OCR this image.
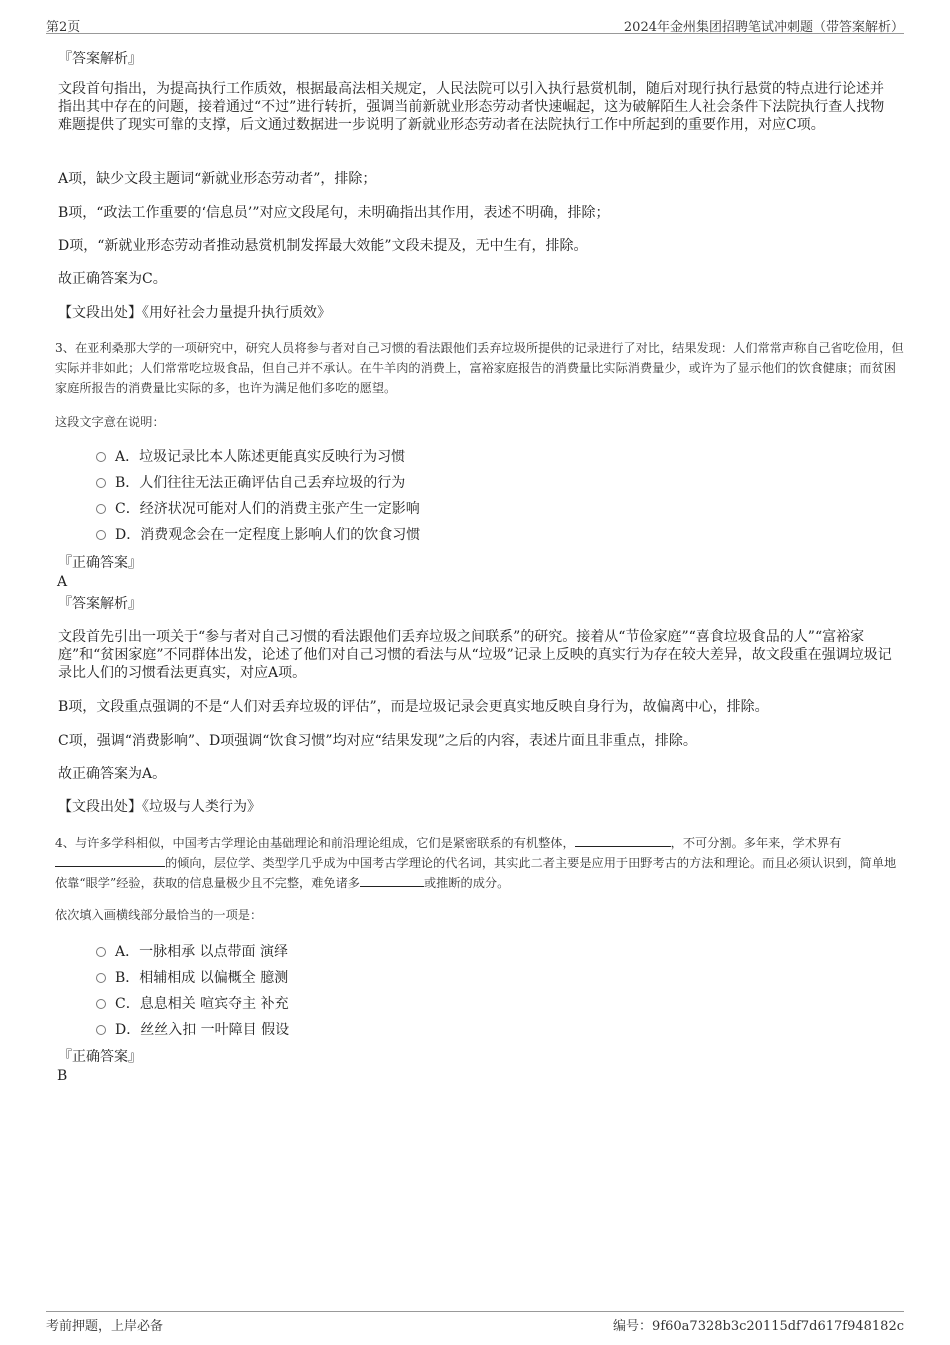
第2页	2024年金州集团招聘笔试冲刺题（带答案解析）
『答案解析』
文段首句指出，为提高执行工作质效，根据最高法相关规定，人民法院可以引入执行悬赏机制，随后对现行执行悬赏的特点进行论述并指出其中存在的问题，接着通过“不过”进行转折，强调当前新就业形态劳动者快速崛起，这为破解陌生人社会条件下法院执行查人找物难题提供了现实可靠的支撑，后文通过数据进一步说明了新就业形态劳动者在法院执行工作中所起到的重要作用，对应C项。
A项，缺少文段主题词“新就业形态劳动者”，排除；
B项，“政法工作重要的‘信息员’”对应文段尾句，未明确指出其作用，表述不明确，排除；
D项，“新就业形态劳动者推动悬赏机制发挥最大效能”文段未提及，无中生有，排除。
故正确答案为C。
【文段出处】《用好社会力量提升执行质效》
3、在亚利桑那大学的一项研究中，研究人员将参与者对自己习惯的看法跟他们丢弃垃圾所提供的记录进行了对比，结果发现：人们常常声称自己省吃俭用，但实际并非如此；人们常常吃垃圾食品，但自己并不承认。在牛羊肉的消费上，富裕家庭报告的消费量比实际消费量少，或许为了显示他们的饮食健康；而贫困家庭所报告的消费量比实际的多，也许为满足他们多吃的愿望。
这段文字意在说明：
A．垃圾记录比本人陈述更能真实反映行为习惯
B．人们往往无法正确评估自己丢弃垃圾的行为
C．经济状况可能对人们的消费主张产生一定影响
D．消费观念会在一定程度上影响人们的饮食习惯
『正确答案』
A
『答案解析』
文段首先引出一项关于“参与者对自己习惯的看法跟他们丢弃垃圾之间联系”的研究。接着从“节俭家庭”“喜食垃圾食品的人”“富裕家庭”和“贫困家庭”不同群体出发，论述了他们对自己习惯的看法与从“垃圾”记录上反映的真实行为存在较大差异，故文段重在强调垃圾记录比人们的习惯看法更真实，对应A项。
B项，文段重点强调的不是“人们对丢弃垃圾的评估”，而是垃圾记录会更真实地反映自身行为，故偏离中心，排除。
C项，强调“消费影响”、D项强调“饮食习惯”均对应“结果发现”之后的内容，表述片面且非重点，排除。
故正确答案为A。
【文段出处】《垃圾与人类行为》
4、与许多学科相似，中国考古学理论由基础理论和前沿理论组成，它们是紧密联系的有机整体，	，不可分割。多年来，学术界有的倾向，层位学、类型学几乎成为中国考古学理论的代名词，其实此二者主要是应用于田野考古的方法和理论。而且必须认识到，简单地依靠“眼学”经验，获取的信息量极少且不完整，难免诸多	或推断的成分。
依次填入画横线部分最恰当的一项是：
A．一脉相承 以点带面 演绎
B．相辅相成 以偏概全 臆测
C．息息相关 喧宾夺主 补充
D．丝丝入扣 一叶障目 假设
『正确答案』
B
考前押题，上岸必备	编号：9f60a7328b3c20115df7d617f948182c
